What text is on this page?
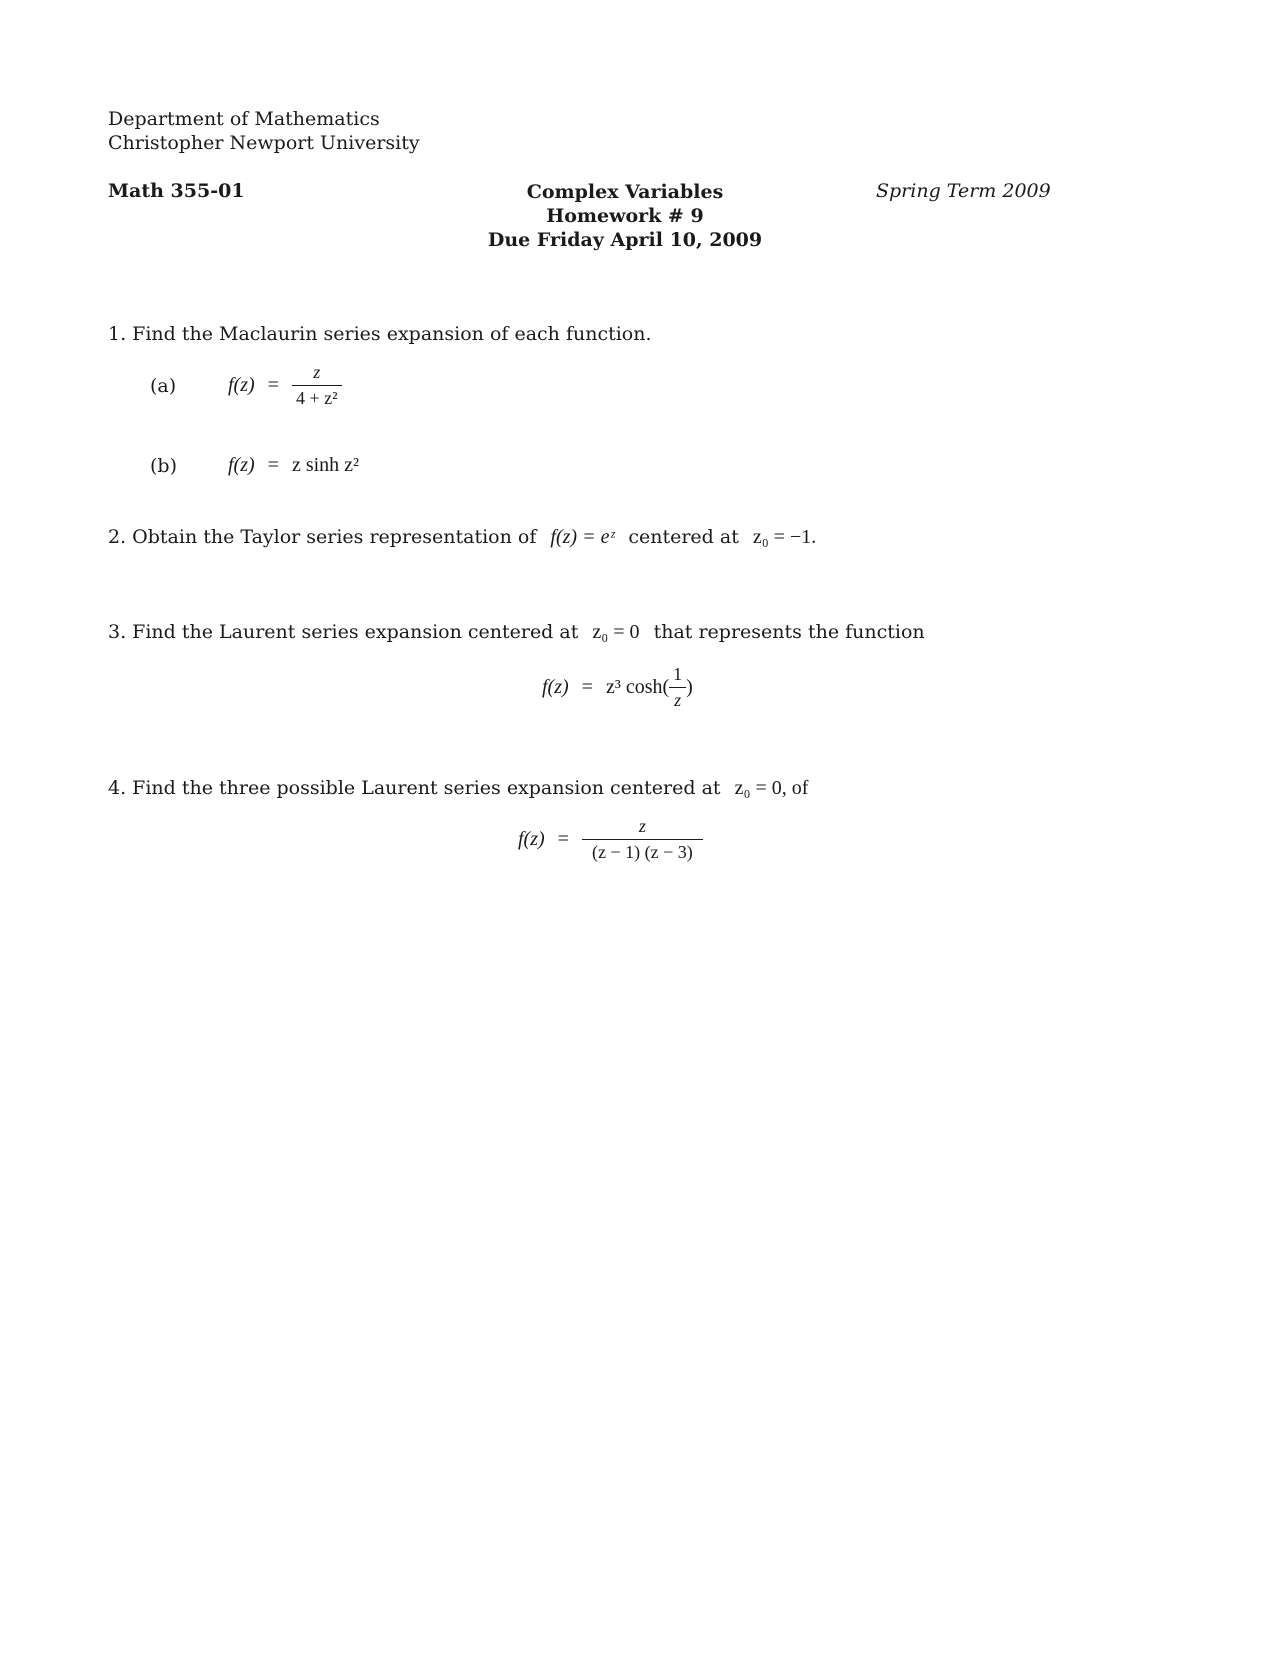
Department of Mathematics
Christopher Newport University
Math 355-01	Complex Variables
Homework # 9
Due Friday April 10, 2009
Spring Term 2009
1. Find the Maclaurin series expansion of each function.
(a)	$f(z) = \frac{z}{\text{4 + z²}}$
(b)	f(z) = z sinh z²
2. Obtain the Taylor series representation of f(z) = eᶻ centered at z₀ = −1.
3. Find the Laurent series expansion centered at z₀ = 0 that represents the function
f(z) = z³ $\cosh( \frac{1}{z}$ )
4. Find the three possible Laurent series expansion centered at z₀ = 0, of
$f(z) = \frac{z}{(z - 1) (z - 3)}$
